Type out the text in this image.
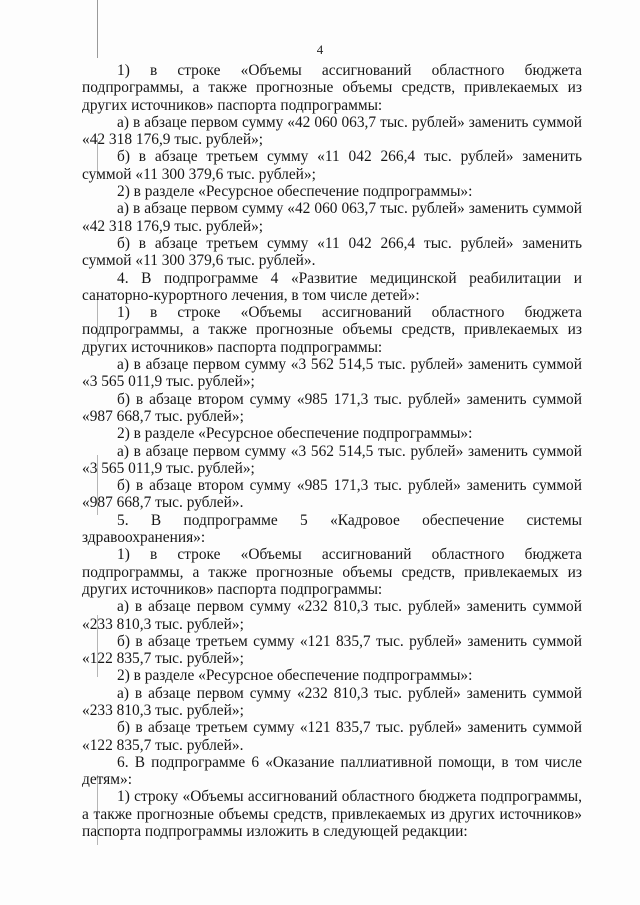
4

1) в строке «Объемы ассигнований областного бюджета подпрограммы, а также прогнозные объемы средств, привлекаемых из других источников» паспорта подпрограммы:

а) в абзаце первом сумму «42 060 063,7 тыс. рублей» заменить суммой «42 318 176,9 тыс. рублей»;

б) в абзаце третьем сумму «11 042 266,4 тыс. рублей» заменить суммой «11 300 379,6 тыс. рублей»;

2) в разделе «Ресурсное обеспечение подпрограммы»:

а) в абзаце первом сумму «42 060 063,7 тыс. рублей» заменить суммой «42 318 176,9 тыс. рублей»;

б) в абзаце третьем сумму «11 042 266,4 тыс. рублей» заменить суммой «11 300 379,6 тыс. рублей».

4. В подпрограмме 4 «Развитие медицинской реабилитации и санаторно-курортного лечения, в том числе детей»:

1) в строке «Объемы ассигнований областного бюджета подпрограммы, а также прогнозные объемы средств, привлекаемых из других источников» паспорта подпрограммы:

а) в абзаце первом сумму «3 562 514,5 тыс. рублей» заменить суммой «3 565 011,9 тыс. рублей»;

б) в абзаце втором сумму «985 171,3 тыс. рублей» заменить суммой «987 668,7 тыс. рублей»;

2) в разделе «Ресурсное обеспечение подпрограммы»:

а) в абзаце первом сумму «3 562 514,5 тыс. рублей» заменить суммой «3 565 011,9 тыс. рублей»;

б) в абзаце втором сумму «985 171,3 тыс. рублей» заменить суммой «987 668,7 тыс. рублей».

5. В подпрограмме 5 «Кадровое обеспечение системы здравоохранения»:

1) в строке «Объемы ассигнований областного бюджета подпрограммы, а также прогнозные объемы средств, привлекаемых из других источников» паспорта подпрограммы:

а) в абзаце первом сумму «232 810,3 тыс. рублей» заменить суммой «233 810,3 тыс. рублей»;

б) в абзаце третьем сумму «121 835,7 тыс. рублей» заменить суммой «122 835,7 тыс. рублей»;

2) в разделе «Ресурсное обеспечение подпрограммы»:

а) в абзаце первом сумму «232 810,3 тыс. рублей» заменить суммой «233 810,3 тыс. рублей»;

б) в абзаце третьем сумму «121 835,7 тыс. рублей» заменить суммой «122 835,7 тыс. рублей».

6. В подпрограмме 6 «Оказание паллиативной помощи, в том числе детям»:

1) строку «Объемы ассигнований областного бюджета подпрограммы, а также прогнозные объемы средств, привлекаемых из других источников» паспорта подпрограммы изложить в следующей редакции:
